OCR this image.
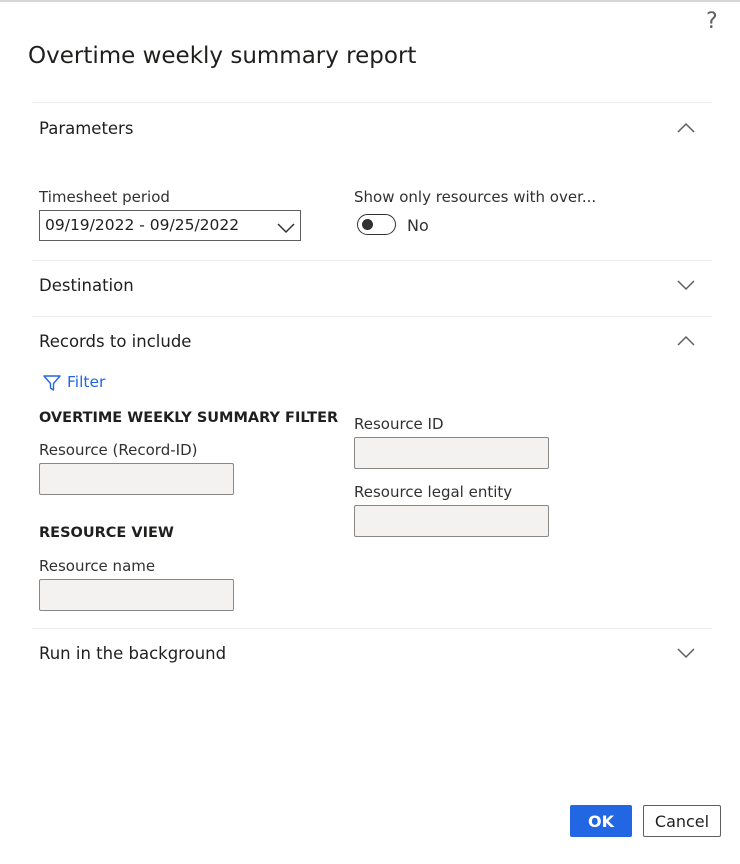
?
Overtime weekly summary report
Parameters
Timesheet period
09/19/2022 - 09/25/2022
Show only resources with over...
No
Destination
Records to include
Filter
OVERTIME WEEKLY SUMMARY FILTER
Resource (Record-ID)
Resource ID
Resource legal entity
RESOURCE VIEW
Resource name
Run in the background
OK	Cancel
